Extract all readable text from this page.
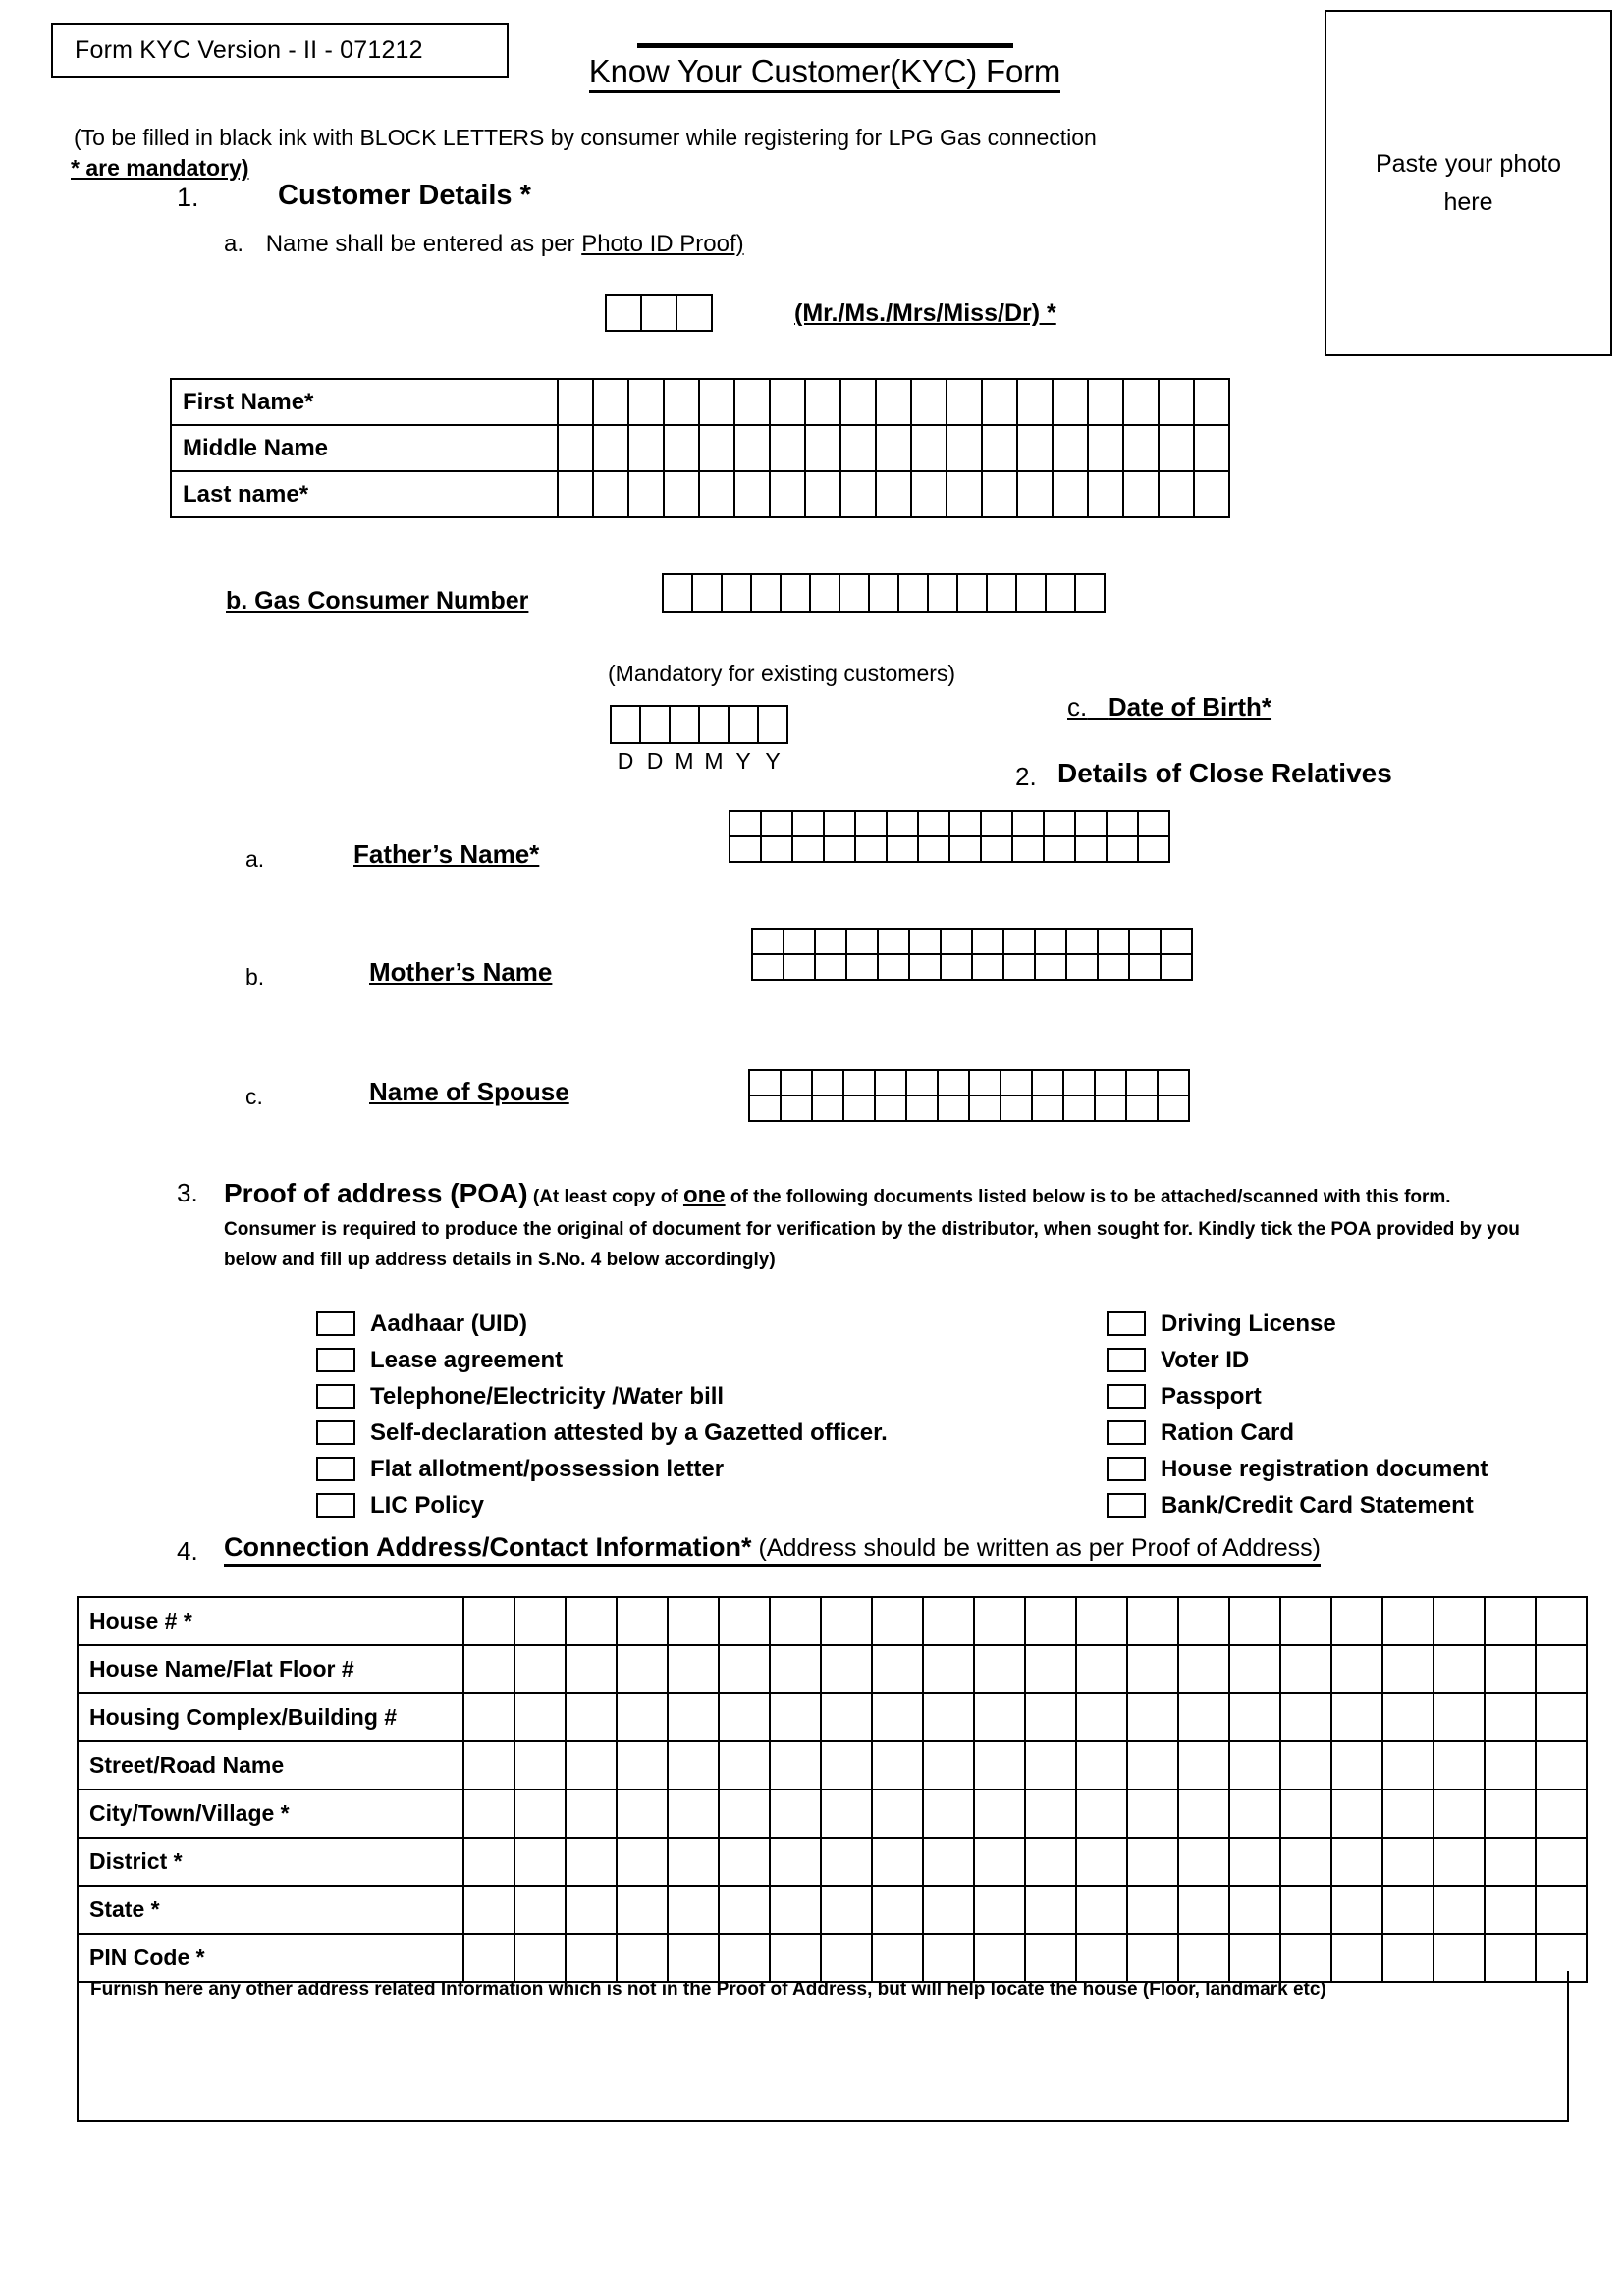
Form KYC Version - II - 071212
Know Your Customer(KYC) Form
(To be filled in black ink with BLOCK LETTERS by consumer while registering for LPG Gas connection
* are mandatory)	Paste your photo
here
1.	Customer Details *
a. Name shall be entered as per Photo ID Proof)
(Mr./Ms./Mrs/Miss/Dr) *
First Name*																			
Middle Name																			
Last name*																			
b. Gas Consumer Number
(Mandatory for existing customers)
D D M M Y Y
c. Date of Birth*
2. Details of Close Relatives
a.	Father’s Name*
b.	Mother’s Name
c.	Name of Spouse
3. Proof of address (POA) (At least copy of one of the following documents listed below is to be attached/scanned with this form. Consumer is required to produce the original of document for verification by the distributor, when sought for. Kindly tick the POA provided by you below and fill up address details in S.No. 4 below accordingly)
Aadhaar (UID)
Lease agreement
Telephone/Electricity /Water bill
Self-declaration attested by a Gazetted officer.
Flat allotment/possession letter
LIC Policy
Driving License
Voter ID
Passport
Ration Card
House registration document
Bank/Credit Card Statement
4. Connection Address/Contact Information* (Address should be written as per Proof of Address)
House # *																						
House Name/Flat Floor #																						
Housing Complex/Building #																						
Street/Road Name																						
City/Town/Village *																						
District *																						
State *																						
PIN Code *																						
Furnish here any other address related Information which is not in the Proof of Address, but will help locate the house (Floor, landmark etc)
